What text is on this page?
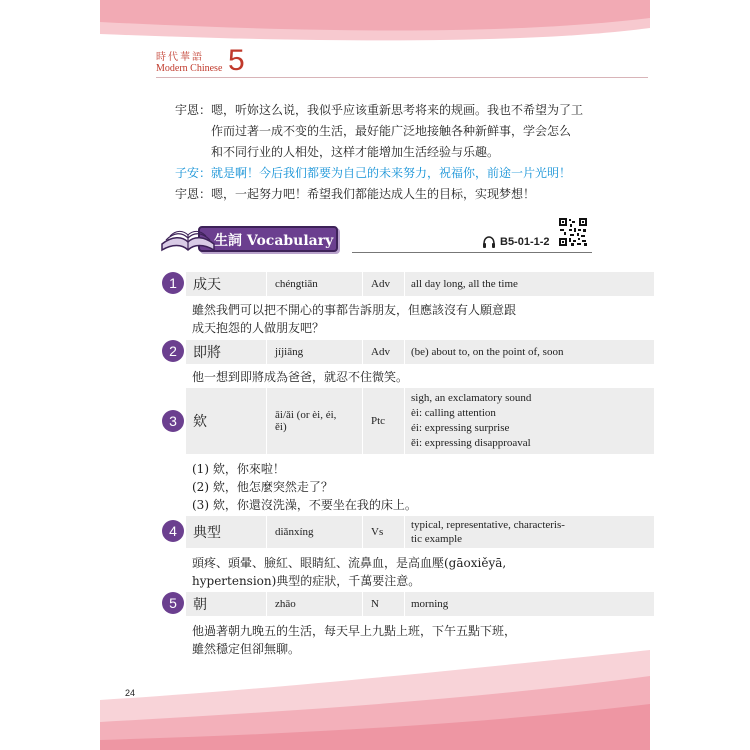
時代華語
Modern Chinese 5
宇恩： 嗯，听妳这么说，我似乎应该重新思考将来的规画。我也不希望为了工
作而过著一成不变的生活，最好能广泛地接触各种新鲜事，学会怎么
和不同行业的人相处，这样才能增加生活经验与乐趣。
子安： 就是啊！今后我们都要为自己的未来努力，祝福你，前途一片光明！
宇恩： 嗯，一起努力吧！希望我们都能达成人生的目标，实现梦想！
生詞 Vocabulary	B5-01-1-2
1	成天	chéngtiān	Adv	all day long, all the time
雖然我們可以把不開心的事都告訴朋友，但應該沒有人願意跟
成天抱怨的人做朋友吧？
2	即將	jíjiāng	Adv	(be) about to, on the point of, soon
他一想到即將成為爸爸，就忍不住微笑。
3	欸	āi/ǎi (or èi, éi,
ěi)	Ptc
sigh, an exclamatory sound
èi: calling attention
éi: expressing surprise
ěi: expressing disapproaval
(1) 欸，你來啦！
(2) 欸，他怎麼突然走了？
(3) 欸，你還沒洗澡，不要坐在我的床上。
4	典型	diǎnxíng	Vs
typical, representative, characteris-
tic example
頭疼、頭暈、臉紅、眼睛紅、流鼻血，是高血壓(gāoxiěyā,
hypertension)典型的症狀，千萬要注意。
5	朝	zhāo	N	morning
他過著朝九晚五的生活，每天早上九點上班，下午五點下班，
雖然穩定但卻無聊。
24
